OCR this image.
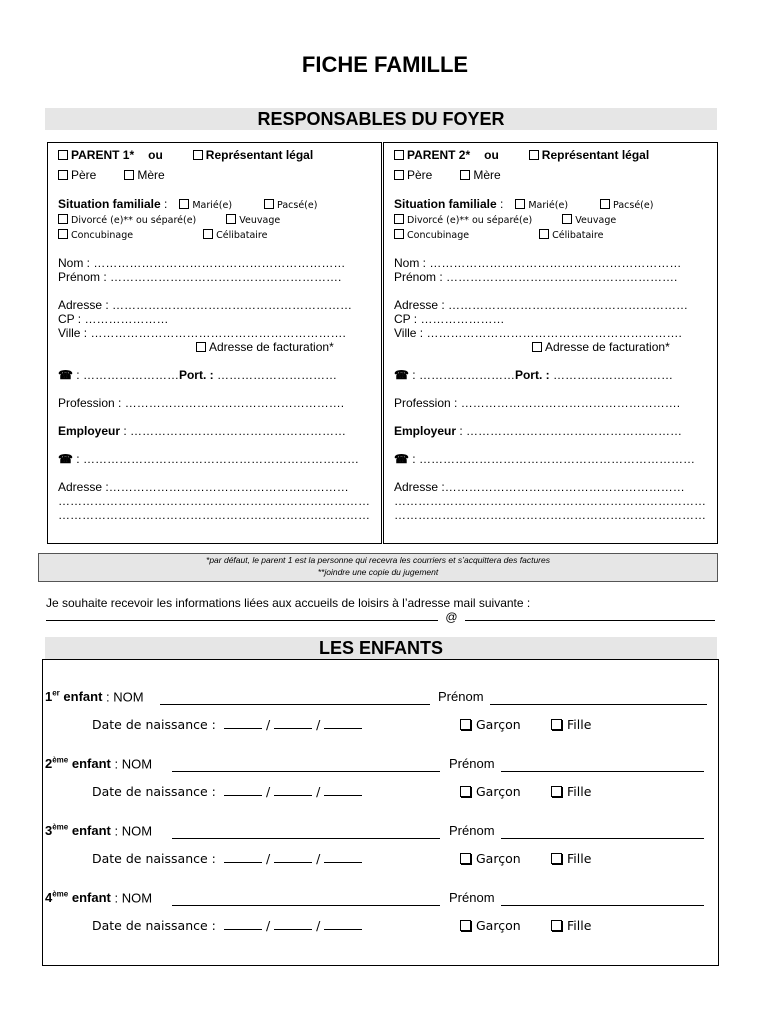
FICHE FAMILLE
RESPONSABLES DU FOYER
PARENT 1* ou	Représentant légal
Père	Mère
Situation familiale :	Marié(e)	Pacsé(e)
Divorcé (e)** ou séparé(e)	Veuvage
Concubinage	Célibataire
Nom : ………………………………………………………
Prénom : ………………………………………………….
Adresse : ……………………………………………………
CP : …………………
Ville : ……………………………………………………….
Adresse de facturation*
☎ : ……………………Port. : …………………………
Profession : ……………………………………………….
Employeur : ………………………………………………
☎ : ……………………………………………………………
Adresse :……………………………………………………
……………………………………………………………………
……………………………………………………………………
PARENT 2* ou	Représentant légal
Père	Mère
Situation familiale :	Marié(e)	Pacsé(e)
Divorcé (e)** ou séparé(e)	Veuvage
Concubinage	Célibataire
Nom : ………………………………………………………
Prénom : ………………………………………………….
Adresse : ……………………………………………………
CP : …………………
Ville : ……………………………………………………….
Adresse de facturation*
☎ : ……………………Port. : …………………………
Profession : ……………………………………………….
Employeur : ………………………………………………
☎ : ……………………………………………………………
Adresse :……………………………………………………
……………………………………………………………………
……………………………………………………………………
*par défaut, le parent 1 est la personne qui recevra les courriers et s’acquittera des factures
**joindre une copie du jugement
Je souhaite recevoir les informations liées aux accueils de loisirs à l’adresse mail suivante :
@
LES ENFANTS
1er enfant : NOM	Prénom
Date de naissance :	/	/	Garçon	Fille
2ème enfant : NOM	Prénom
Date de naissance :	/	/	Garçon	Fille
3ème enfant : NOM	Prénom
Date de naissance :	/	/	Garçon	Fille
4ème enfant : NOM	Prénom
Date de naissance :	/	/	Garçon	Fille
